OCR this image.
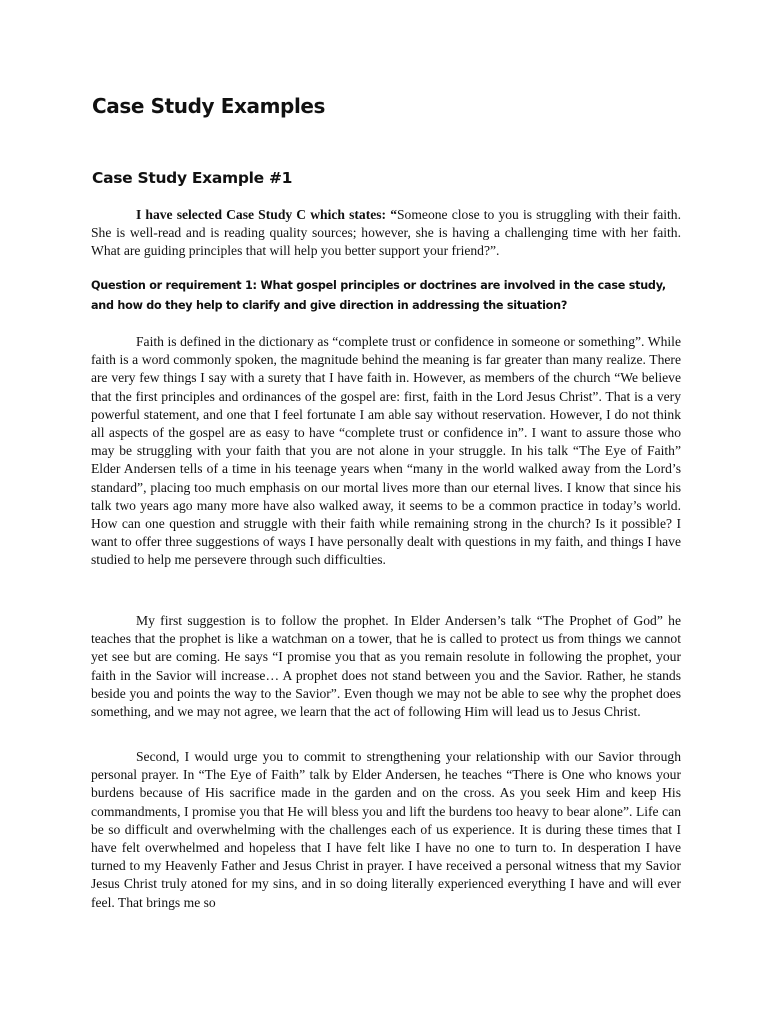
Case Study Examples
Case Study Example #1

I have selected Case Study C which states: “Someone close to you is struggling with their faith. She is well-read and is reading quality sources; however, she is having a challenging time with her faith. What are guiding principles that will help you better support your friend?”.

Question or requirement 1: What gospel principles or doctrines are involved in the case study, and how do they help to clarify and give direction in addressing the situation?

Faith is defined in the dictionary as “complete trust or confidence in someone or something”. While faith is a word commonly spoken, the magnitude behind the meaning is far greater than many realize. There are very few things I say with a surety that I have faith in. However, as members of the church “We believe that the first principles and ordinances of the gospel are: first, faith in the Lord Jesus Christ”. That is a very powerful statement, and one that I feel fortunate I am able say without reservation. However, I do not think all aspects of the gospel are as easy to have “complete trust or confidence in”. I want to assure those who may be struggling with your faith that you are not alone in your struggle. In his talk “The Eye of Faith” Elder Andersen tells of a time in his teenage years when “many in the world walked away from the Lord’s standard”, placing too much emphasis on our mortal lives more than our eternal lives. I know that since his talk two years ago many more have also walked away, it seems to be a common practice in today’s world. How can one question and struggle with their faith while remaining strong in the church? Is it possible? I want to offer three suggestions of ways I have personally dealt with questions in my faith, and things I have studied to help me persevere through such difficulties.

My first suggestion is to follow the prophet. In Elder Andersen’s talk “The Prophet of God” he teaches that the prophet is like a watchman on a tower, that he is called to protect us from things we cannot yet see but are coming. He says “I promise you that as you remain resolute in following the prophet, your faith in the Savior will increase… A prophet does not stand between you and the Savior. Rather, he stands beside you and points the way to the Savior”. Even though we may not be able to see why the prophet does something, and we may not agree, we learn that the act of following Him will lead us to Jesus Christ.

Second, I would urge you to commit to strengthening your relationship with our Savior through personal prayer. In “The Eye of Faith” talk by Elder Andersen, he teaches “There is One who knows your burdens because of His sacrifice made in the garden and on the cross. As you seek Him and keep His commandments, I promise you that He will bless you and lift the burdens too heavy to bear alone”. Life can be so difficult and overwhelming with the challenges each of us experience. It is during these times that I have felt overwhelmed and hopeless that I have felt like I have no one to turn to. In desperation I have turned to my Heavenly Father and Jesus Christ in prayer. I have received a personal witness that my Savior Jesus Christ truly atoned for my sins, and in so doing literally experienced everything I have and will ever feel. That brings me so
